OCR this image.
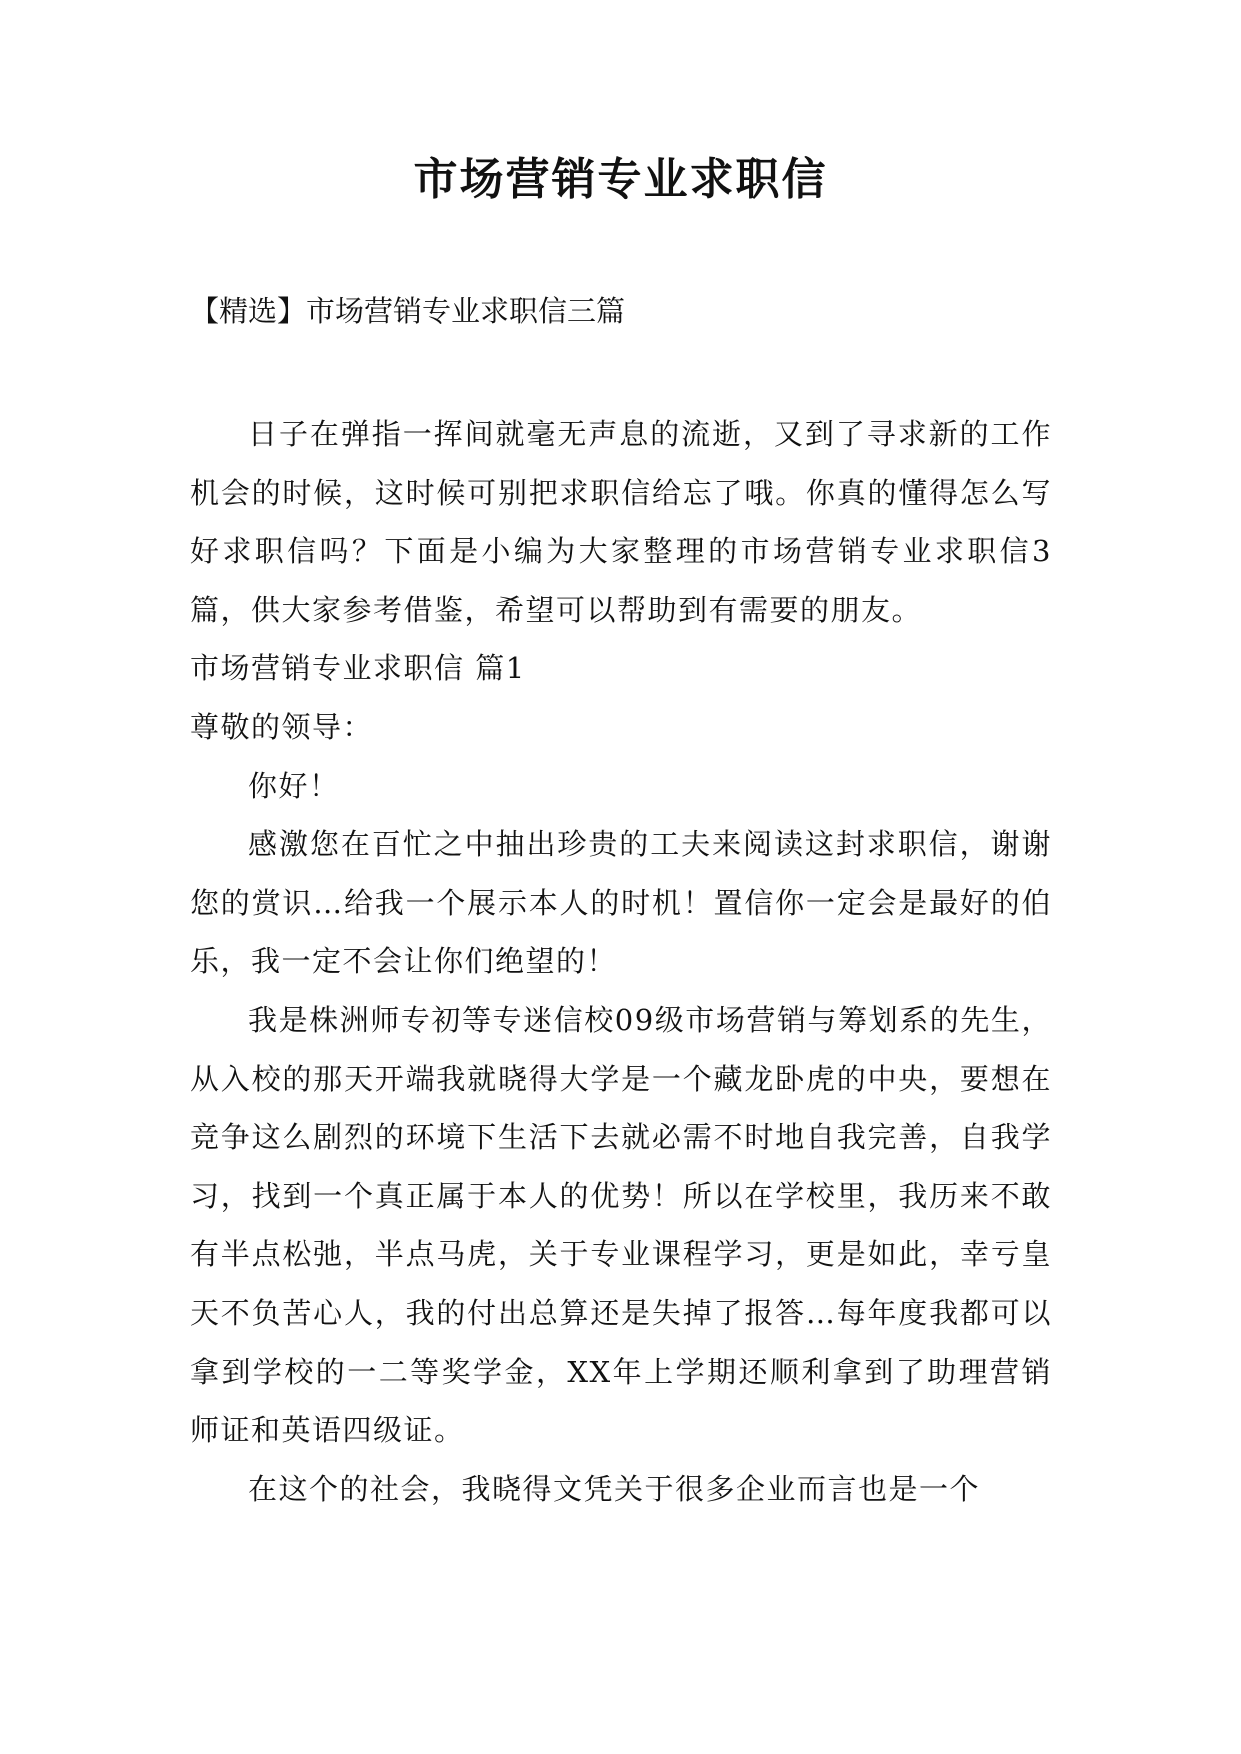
市场营销专业求职信
【精选】市场营销专业求职信三篇

日子在弹指一挥间就毫无声息的流逝，又到了寻求新的工作机会的时候，这时候可别把求职信给忘了哦。你真的懂得怎么写好求职信吗？下面是小编为大家整理的市场营销专业求职信3篇，供大家参考借鉴，希望可以帮助到有需要的朋友。

市场营销专业求职信 篇1

尊敬的领导：

你好！

感激您在百忙之中抽出珍贵的工夫来阅读这封求职信，谢谢您的赏识…给我一个展示本人的时机！置信你一定会是最好的伯乐，我一定不会让你们绝望的！

我是株洲师专初等专迷信校09级市场营销与筹划系的先生，从入校的那天开端我就晓得大学是一个藏龙卧虎的中央，要想在竞争这么剧烈的环境下生活下去就必需不时地自我完善，自我学习，找到一个真正属于本人的优势！所以在学校里，我历来不敢有半点松弛，半点马虎，关于专业课程学习，更是如此，幸亏皇天不负苦心人，我的付出总算还是失掉了报答…每年度我都可以拿到学校的一二等奖学金，XX年上学期还顺利拿到了助理营销师证和英语四级证。

在这个的社会，我晓得文凭关于很多企业而言也是一个
